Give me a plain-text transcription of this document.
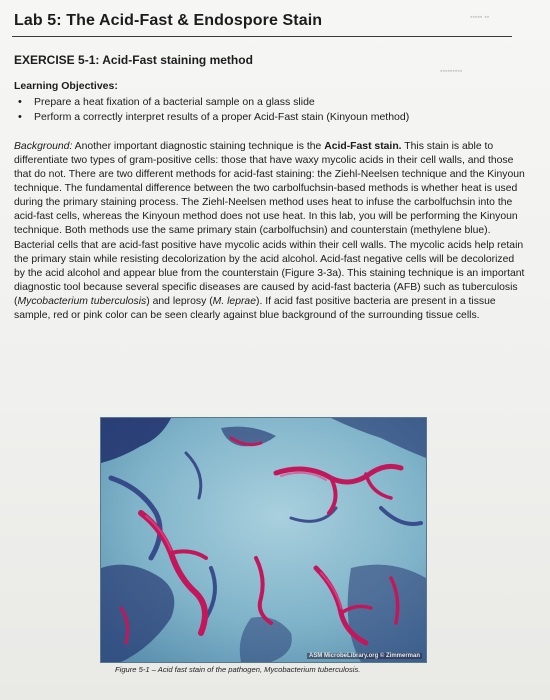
▪▪▪▪▪ ▪▪
▪▪▪▪▪▪▪▪▪
Lab 5: The Acid-Fast & Endospore Stain
EXERCISE 5-1: Acid-Fast staining method
Learning Objectives:
• Prepare a heat fixation of a bacterial sample on a glass slide
• Perform a correctly interpret results of a proper Acid-Fast stain (Kinyoun method)

Background: Another important diagnostic staining technique is the Acid-Fast stain. This stain is able to differentiate two types of gram-positive cells: those that have waxy mycolic acids in their cell walls, and those that do not. There are two different methods for acid-fast staining: the Ziehl-Neelsen technique and the Kinyoun technique. The fundamental difference between the two carbolfuchsin-based methods is whether heat is used during the primary staining process. The Ziehl-Neelsen method uses heat to infuse the carbolfuchsin into the acid-fast cells, whereas the Kinyoun method does not use heat. In this lab, you will be performing the Kinyoun technique. Both methods use the same primary stain (carbolfuchsin) and counterstain (methylene blue).

Bacterial cells that are acid-fast positive have mycolic acids within their cell walls. The mycolic acids help retain the primary stain while resisting decolorization by the acid alcohol. Acid-fast negative cells will be decolorized by the acid alcohol and appear blue from the counterstain (Figure 3-3a). This staining technique is an important diagnostic tool because several specific diseases are caused by acid-fast bacteria (AFB) such as tuberculosis (Mycobacterium tuberculosis) and leprosy (M. leprae). If acid fast positive bacteria are present in a tissue sample, red or pink color can be seen clearly against blue background of the surrounding tissue cells.

ASM MicrobeLibrary.org © Zimmerman
Figure 5-1 – Acid fast stain of the pathogen, Mycobacterium tuberculosis.
